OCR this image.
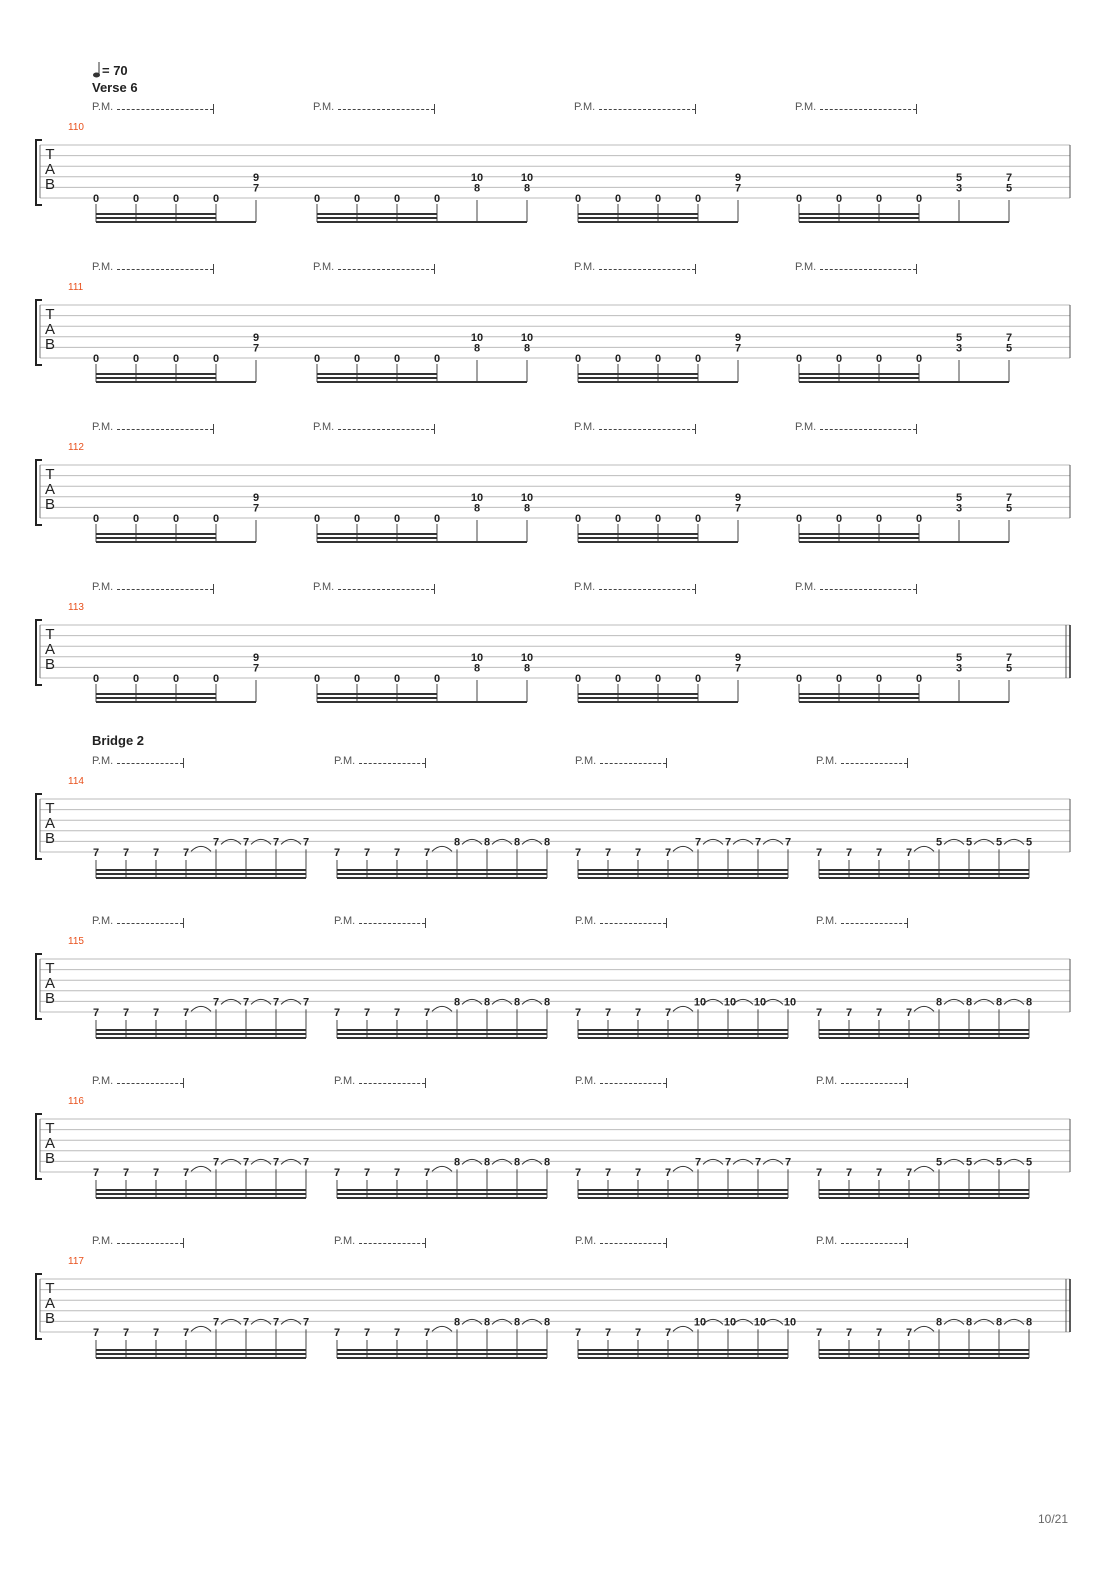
= 70
Verse 6
Bridge 2
10/21
P.M.	P.M.	P.M.	P.M.
110
T
A
B
0	0	0	0
9
7
0	0	0	0
10
8
10
8
0	0	0	0
9
7
0	0	0	0
5
3
7
5
P.M.	P.M.	P.M.	P.M.
111
T
A
B
0	0	0	0
9
7
0	0	0	0
10
8
10
8
0	0	0	0
9
7
0	0	0	0
5
3
7
5
P.M.	P.M.	P.M.	P.M.
112
T
A
B
0	0	0	0
9
7
0	0	0	0
10
8
10
8
0	0	0	0
9
7
0	0	0	0
5
3
7
5
P.M.	P.M.	P.M.	P.M.
113
T
A
B
0	0	0	0
9
7
0	0	0	0
10
8
10
8
0	0	0	0
9
7
0	0	0	0
5
3
7
5
P.M.	P.M.	P.M.	P.M.
114
T
A
B
7 7 7 7
7 7 7 7
7 7 7 7
8 8 8 8
7 7 7 7
7 7 7 7
7 7 7 7
5 5 5 5
P.M.	P.M.	P.M.	P.M.
115
T
A
B
7 7 7 7
7 7 7 7
7 7 7 7
8 8 8 8
7 7 7 7
10 10 10 10
7 7 7 7
8 8 8 8
P.M.	P.M.	P.M.	P.M.
116
T
A
B
7 7 7 7
7 7 7 7
7 7 7 7
8 8 8 8
7 7 7 7
7 7 7 7
7 7 7 7
5 5 5 5
P.M.	P.M.	P.M.	P.M.
117
T
A
B
7 7 7 7
7 7 7 7
7 7 7 7
8 8 8 8
7 7 7 7
10 10 10 10
7 7 7 7
8 8 8 8
